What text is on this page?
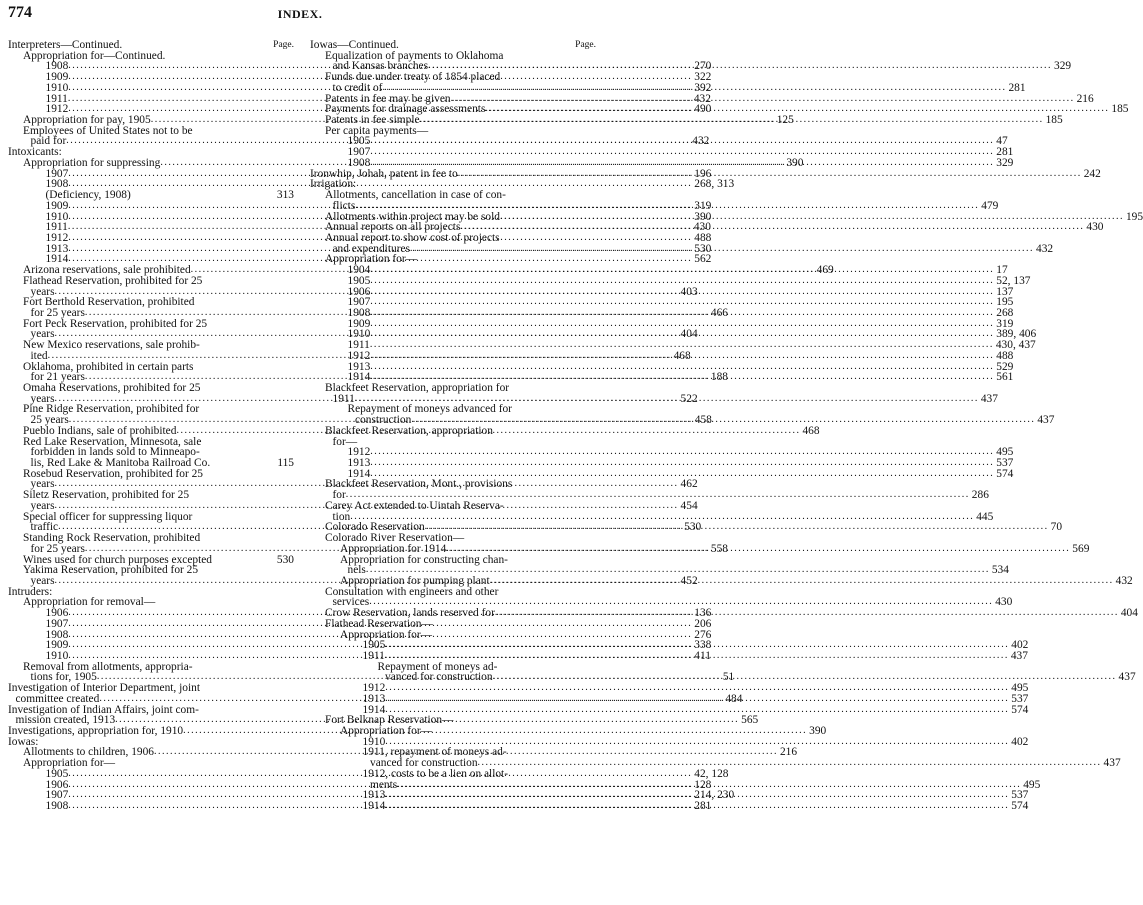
774	INDEX.
Interpreters—Continued.	Page.
Appropriation for—Continued.
1908 .....	270
1909 .....	322
1910 .....	392
1911 .....	432
1912 .....	490
Appropriation for pay, 1905 .....	125
Employees of United States not to be
paid for .....	432
Intoxicants:
Appropriation for suppressing .....	390
1907 .....	196
1908 .....	268, 313
(Deficiency, 1908)	313
1909 .....	319
1910 .....	390
1911 .....	430
1912 .....	488
1913 .....	530
1914 .....	562
Arizona reservations, sale prohibited .....	469
Flathead Reservation, prohibited for 25
years .....	403
Fort Berthold Reservation, prohibited
for 25 years .....	466
Fort Peck Reservation, prohibited for 25
years .....	404
New Mexico reservations, sale prohib-
ited .....	468
Oklahoma, prohibited in certain parts
for 21 years .....	188
Omaha Reservations, prohibited for 25
years .....	522
Pine Ridge Reservation, prohibited for
25 years .....	458
Pueblo Indians, sale of prohibited .....	468
Red Lake Reservation, Minnesota, sale
forbidden in lands sold to Minneapo-
lis, Red Lake & Manitoba Railroad Co.	115
Rosebud Reservation, prohibited for 25
years .....	462
Siletz Reservation, prohibited for 25
years .....	454
Special officer for suppressing liquor
traffic .....	530
Standing Rock Reservation, prohibited
for 25 years .....	558
Wines used for church purposes excepted	530
Yakima Reservation, prohibited for 25
years .....	452
Intruders:
Appropriation for removal—
1906 .....	136
1907 .....	206
1908 .....	276
1909 .....	338
1910 .....	411
Removal from allotments, appropria-
tions for, 1905 .....	51
Investigation of Interior Department, joint
committee created .....	484
Investigation of Indian Affairs, joint com-
mission created, 1913 .....	565
Investigations, appropriation for, 1910 .....	390
Iowas:
Allotments to children, 1906 .....	216
Appropriation for—
1905 .....	42, 128
1906 .....	128
1907 .....	214, 230
1908 .....	281
Iowas—Continued.	Page.
Equalization of payments to Oklahoma
and Kansas branches .....	329
Funds due under treaty of 1854 placed
to credit of .....	281
Patents in fee may be given .....	216
Payments for drainage assessments .....	185
Patents in fee simple .....	185
Per capita payments—
1905 .....	47
1907 .....	281
1908 .....	329
Ironwhip, Johah, patent in fee to .....	242
Irrigation:
Allotments, cancellation in case of con-
flicts .....	479
Allotments within project may be sold .....	195
Annual reports on all projects .....	430
Annual report to show cost of projects
and expenditures .....	432
Appropriation for—
1904 .....	17
1905 .....	52, 137
1906 .....	137
1907 .....	195
1908 .....	268
1909 .....	319
1910 .....	389, 406
1911 .....	430, 437
1912 .....	488
1913 .....	529
1914 .....	561
Blackfeet Reservation, appropriation for
1911 .....	437
Repayment of moneys advanced for
construction .....	437
Blackfeet Reservation, appropriation
for—
1912 .....	495
1913 .....	537
1914 .....	574
Blackfeet Reservation, Mont., provisions
for .....	286
Carey Act extended to Uintah Reserva-
tion .....	445
Colorado Reservation .....	70
Colorado River Reservation—
Appropriation for 1914 .....	569
Appropriation for constructing chan-
nels .....	534
Appropriation for pumping plant .....	432
Consultation with engineers and other
services .....	430
Crow Reservation, lands reserved for .....	404
Flathead Reservation—
Appropriation for—
1905 .....	402
1911 .....	437
Repayment of moneys ad-
vanced for construction .....	437
1912 .....	495
1913 .....	537
1914 .....	574
Fort Belknap Reservation—
Appropriation for—
1910 .....	402
1911, repayment of moneys ad-
vanced for construction .....	437
1912, costs to be a lien on allot-
ments .....	495
1913 .....	537
1914 .....	574
